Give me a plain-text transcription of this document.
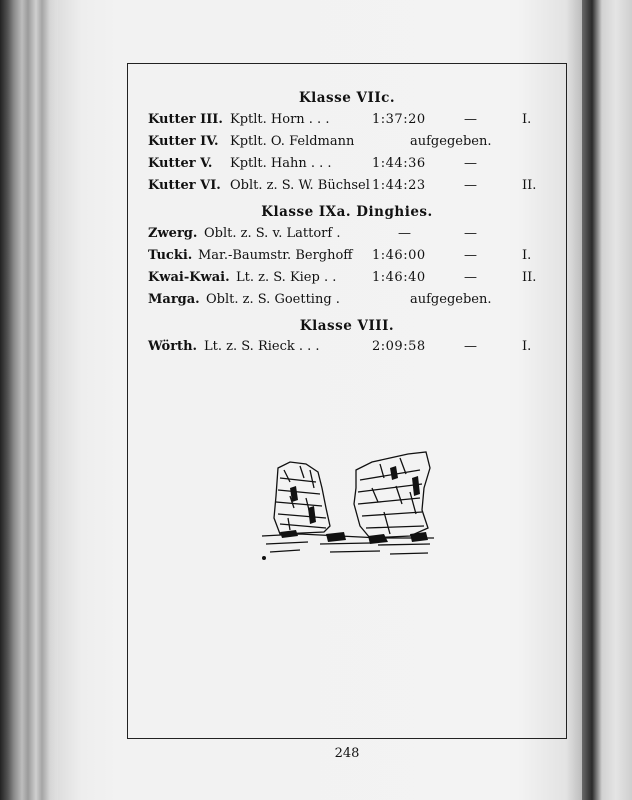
Klasse VIIc.
Kutter III. Kptlt. Horn . . .	1:37:20	—	I.
Kutter IV. Kptlt. O. Feldmann	aufgegeben.
Kutter V. Kptlt. Hahn . . .	1:44:36	—
Kutter VI. Oblt. z. S. W. Büchsel 1:44:23	—	II.
Klasse IXa. Dinghies.
Zwerg. Oblt. z. S. v. Lattorf .	—	—
Tucki. Mar.-Baumstr. Berghoff 1:46:00	—	I.
Kwai-Kwai. Lt. z. S. Kiep . .	1:46:40	—	II.
Marga. Oblt. z. S. Goetting .	aufgegeben.
Klasse VIII.
Wörth. Lt. z. S. Rieck . . .	2:09:58	—	I.
248
